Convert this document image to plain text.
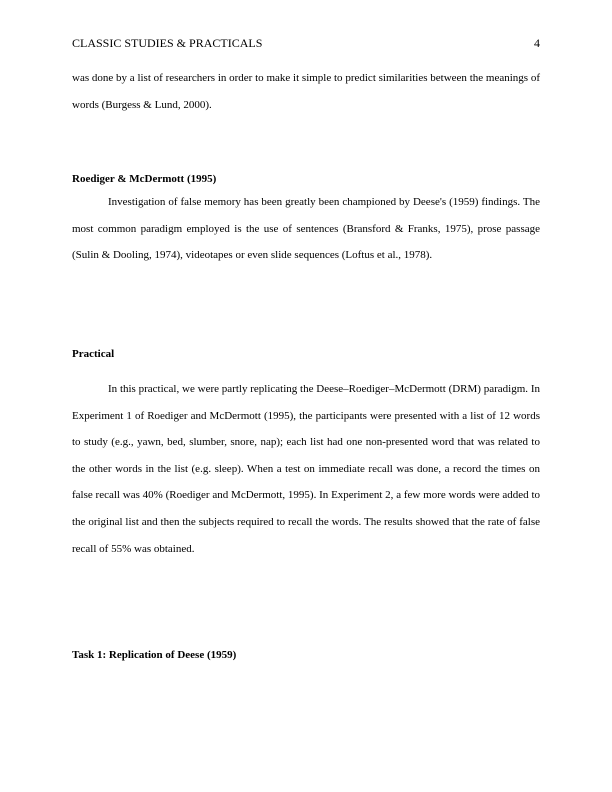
CLASSIC STUDIES & PRACTICALS	4

was done by a list of researchers in order to make it simple to predict similarities between the meanings of words (Burgess & Lund, 2000).

Roediger & McDermott (1995)

Investigation of false memory has been greatly been championed by Deese's (1959) findings. The most common paradigm employed is the use of sentences (Bransford & Franks, 1975), prose passage (Sulin & Dooling, 1974), videotapes or even slide sequences (Loftus et al., 1978).

Practical

In this practical, we were partly replicating the Deese–Roediger–McDermott (DRM) paradigm. In Experiment 1 of Roediger and McDermott (1995), the participants were presented with a list of 12 words to study (e.g., yawn, bed, slumber, snore, nap); each list had one non-presented word that was related to the other words in the list (e.g. sleep). When a test on immediate recall was done, a record the times on false recall was 40% (Roediger and McDermott, 1995). In Experiment 2, a few more words were added to the original list and then the subjects required to recall the words. The results showed that the rate of false recall of 55% was obtained.

Task 1: Replication of Deese (1959)
